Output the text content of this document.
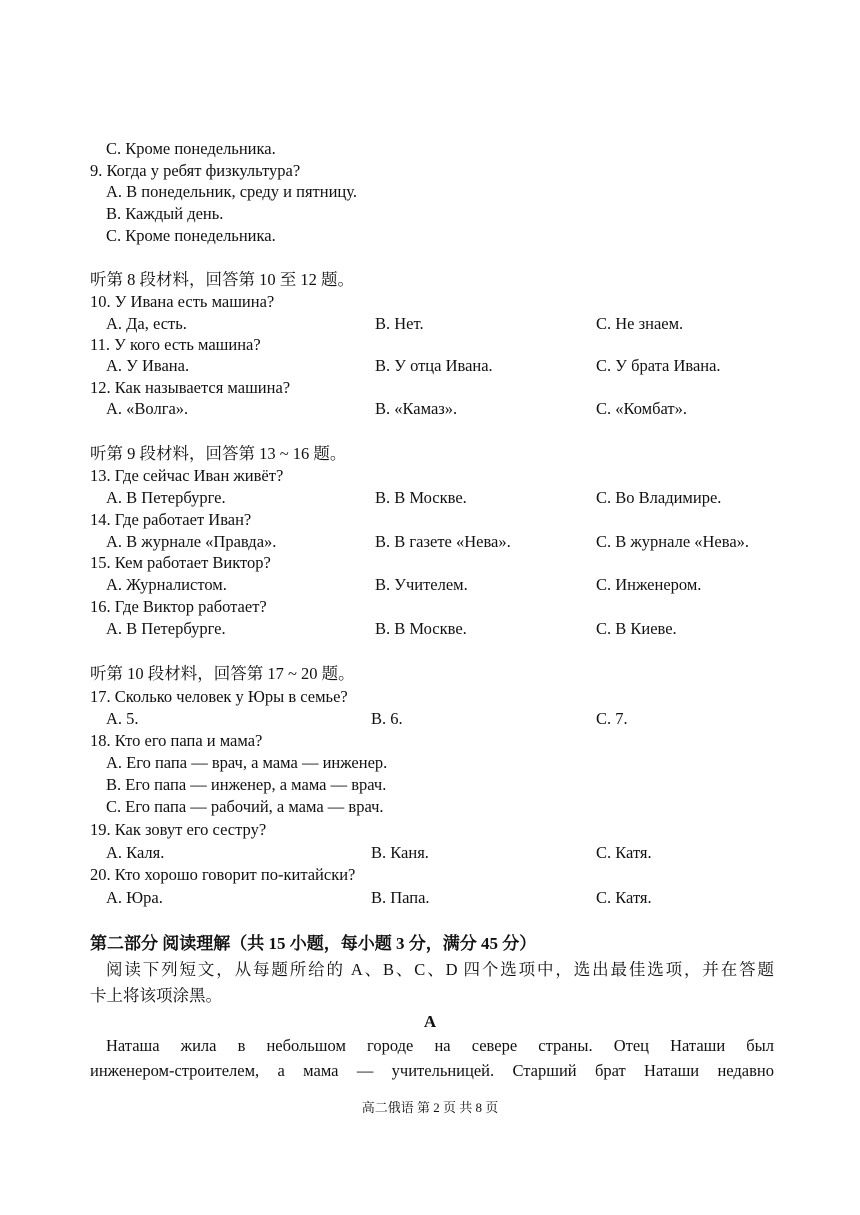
C. Кроме понедельника.
9. Когда у ребят физкультура?
A. В понедельник, среду и пятницу.
B. Каждый день.
C. Кроме понедельника.
听第 8 段材料，回答第 10 至 12 题。
10. У Ивана есть машина?
A. Да, есть.	B. Нет.	C. Не знаем.
11. У кого есть машина?
A. У Ивана.	B. У отца Ивана.	C. У брата Ивана.
12. Как называется машина?
A. «Волга».	B. «Камаз».	C. «Комбат».
听第 9 段材料，回答第 13 ~ 16 题。
13. Где сейчас Иван живёт?
A. В Петербурге.	B. В Москве.	C. Во Владимире.
14. Где работает Иван?
A. В журнале «Правда».	B. В газете «Нева».	C. В журнале «Нева».
15. Кем работает Виктор?
A. Журналистом.	B. Учителем.	C. Инженером.
16. Где Виктор работает?
A. В Петербурге.	B. В Москве.	C. В Киеве.
听第 10 段材料，回答第 17 ~ 20 题。
17. Сколько человек у Юры в семье?
A. 5.	B. 6.	C. 7.
18. Кто его папа и мама?
A. Его папа — врач, а мама — инженер.
B. Его папа — инженер, а мама — врач.
C. Его папа — рабочий, а мама — врач.
19. Как зовут его сестру?
A. Каля.	B. Каня.	C. Катя.
20. Кто хорошо говорит по-китайски?
A. Юра.	B. Папа.	C. Катя.
第二部分 阅读理解（共 15 小题，每小题 3 分，满分 45 分）
阅读下列短文，从每题所给的 A、B、C、D 四个选项中，选出最佳选项，并在答题
卡上将该项涂黑。
A
Наташа жила в небольшом городе на севере страны. Отец Наташи был
инженером-строителем, а мама — учительницей. Старший брат Наташи недавно
高二俄语 第 2 页 共 8 页
